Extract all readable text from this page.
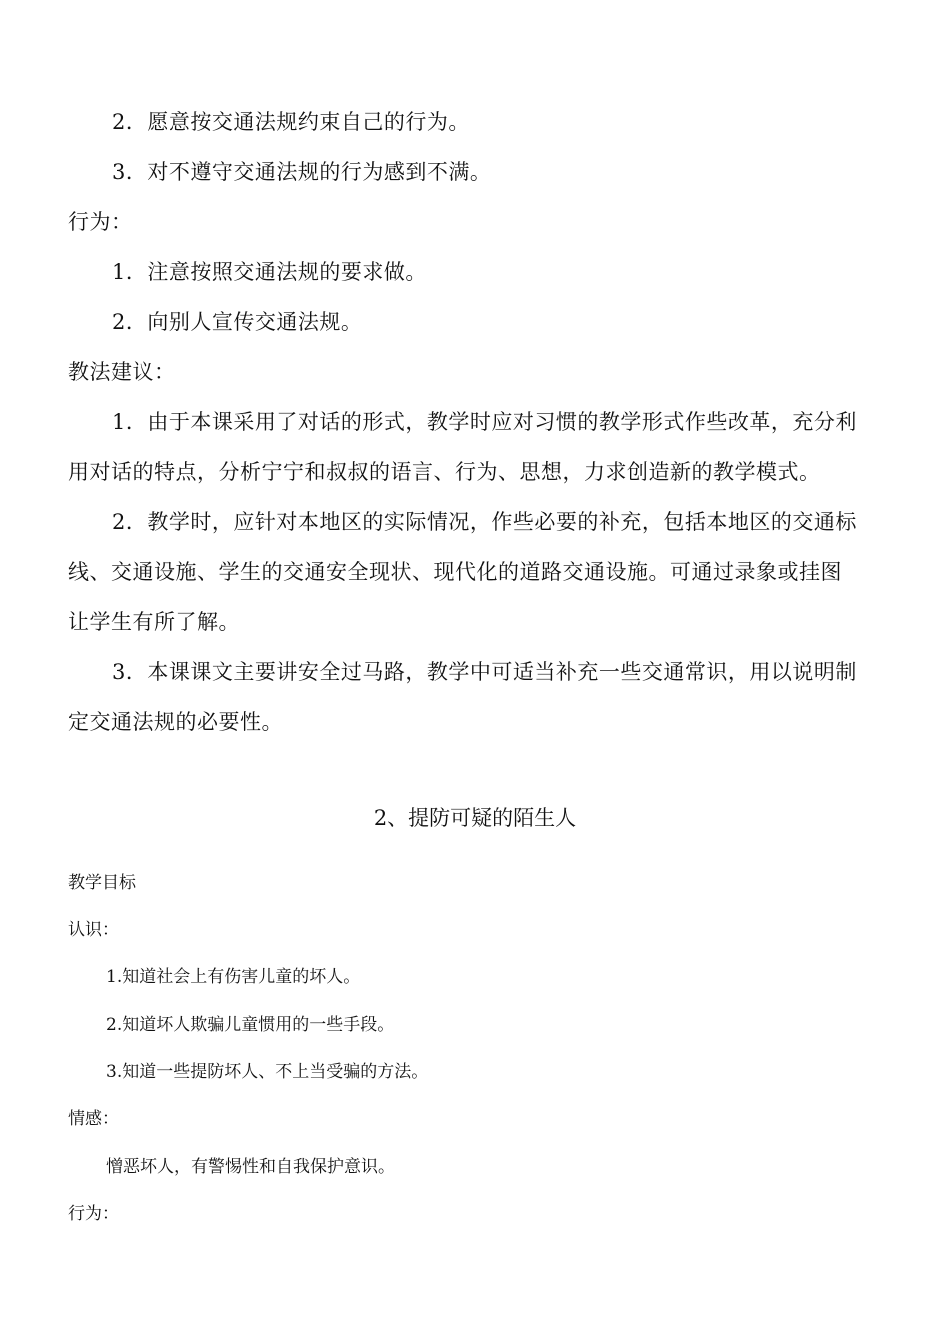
2．愿意按交通法规约束自己的行为。
3．对不遵守交通法规的行为感到不满。
行为：
1．注意按照交通法规的要求做。
2．向别人宣传交通法规。
教法建议：
1．由于本课采用了对话的形式，教学时应对习惯的教学形式作些改革，充分利
用对话的特点，分析宁宁和叔叔的语言、行为、思想，力求创造新的教学模式。
2．教学时，应针对本地区的实际情况，作些必要的补充，包括本地区的交通标
线、交通设施、学生的交通安全现状、现代化的道路交通设施。可通过录象或挂图
让学生有所了解。
3．本课课文主要讲安全过马路，教学中可适当补充一些交通常识，用以说明制
定交通法规的必要性。
2、提防可疑的陌生人
教学目标
认识：
1.知道社会上有伤害儿童的坏人。
2.知道坏人欺骗儿童惯用的一些手段。
3.知道一些提防坏人、不上当受骗的方法。
情感：
憎恶坏人，有警惕性和自我保护意识。
行为：
